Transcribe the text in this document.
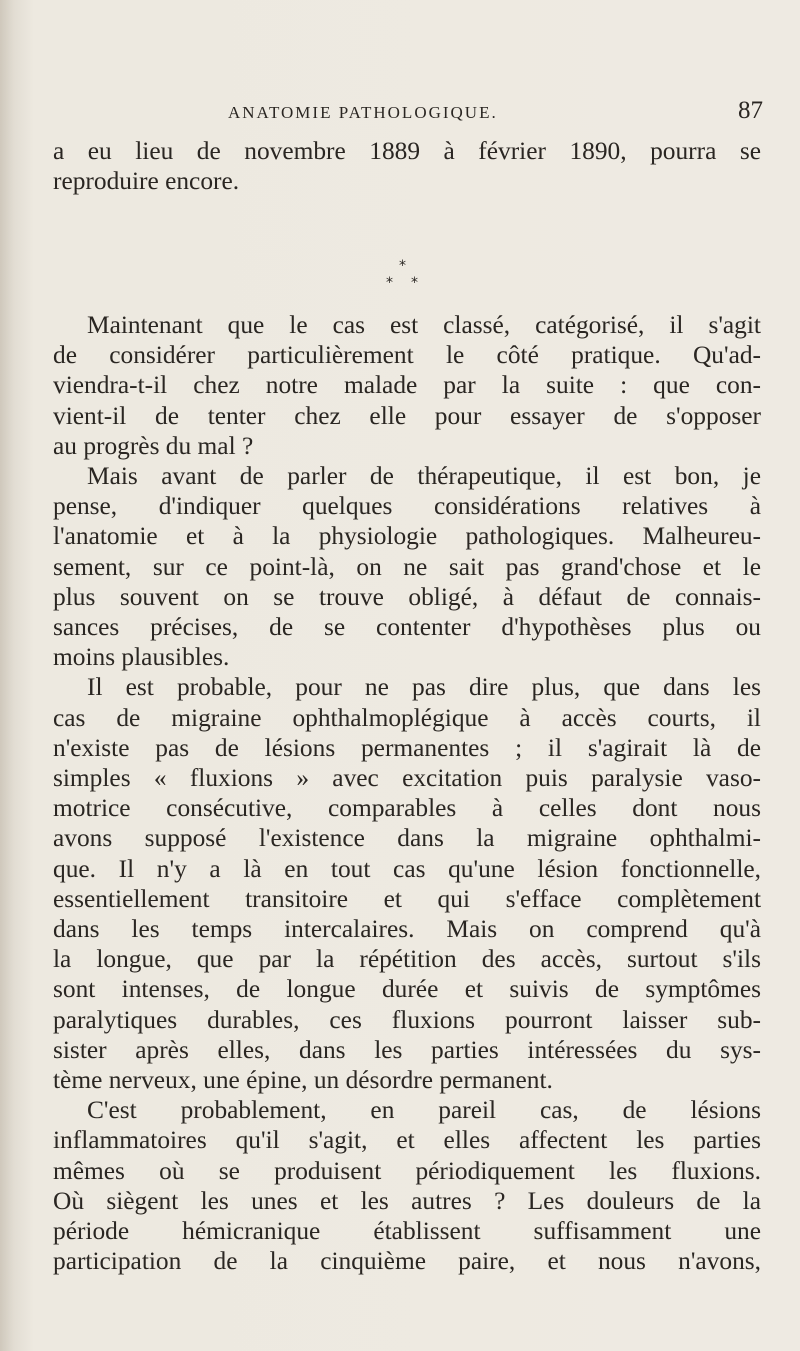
ANATOMIE PATHOLOGIQUE.	87
a eu lieu de novembre 1889 à février 1890, pourra se
reproduire encore.
*
* *
Maintenant que le cas est classé, catégorisé, il s'agit
de considérer particulièrement le côté pratique. Qu'ad-
viendra-t-il chez notre malade par la suite : que con-
vient-il de tenter chez elle pour essayer de s'opposer
au progrès du mal ?
Mais avant de parler de thérapeutique, il est bon, je
pense, d'indiquer quelques considérations relatives à
l'anatomie et à la physiologie pathologiques. Malheureu-
sement, sur ce point-là, on ne sait pas grand'chose et le
plus souvent on se trouve obligé, à défaut de connais-
sances précises, de se contenter d'hypothèses plus ou
moins plausibles.
Il est probable, pour ne pas dire plus, que dans les
cas de migraine ophthalmoplégique à accès courts, il
n'existe pas de lésions permanentes ; il s'agirait là de
simples « fluxions » avec excitation puis paralysie vaso-
motrice consécutive, comparables à celles dont nous
avons supposé l'existence dans la migraine ophthalmi-
que. Il n'y a là en tout cas qu'une lésion fonctionnelle,
essentiellement transitoire et qui s'efface complètement
dans les temps intercalaires. Mais on comprend qu'à
la longue, que par la répétition des accès, surtout s'ils
sont intenses, de longue durée et suivis de symptômes
paralytiques durables, ces fluxions pourront laisser sub-
sister après elles, dans les parties intéressées du sys-
tème nerveux, une épine, un désordre permanent.
C'est probablement, en pareil cas, de lésions
inflammatoires qu'il s'agit, et elles affectent les parties
mêmes où se produisent périodiquement les fluxions.
Où siègent les unes et les autres ? Les douleurs de la
période hémicranique établissent suffisamment une
participation de la cinquième paire, et nous n'avons,
